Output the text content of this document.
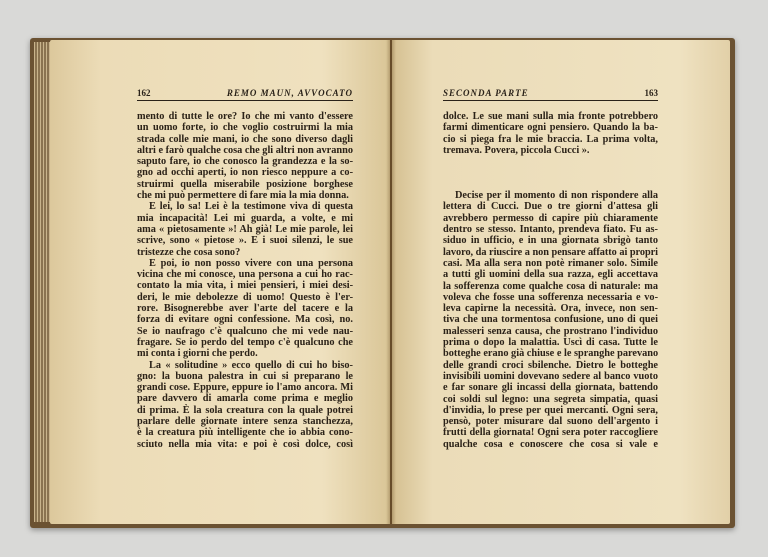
162	REMO MAUN, AVVOCATO	SECONDA PARTE	163
mento di tutte le ore? Io che mi vanto d'essere
un uomo forte, io che voglio costruirmi la mia
strada colle mie mani, io che sono diverso dagli
altri e farò qualche cosa che gli altri non avranno
saputo fare, io che conosco la grandezza e la so-
gno ad occhi aperti, io non riesco neppure a co-
struirmi quella miserabile posizione borghese
che mi può permettere di fare mia la mia donna.
E lei, lo sa! Lei è la testimone viva di questa
mia incapacità! Lei mi guarda, a volte, e mi
ama « pietosamente »! Ah già! Le mie parole, lei
scrive, sono « pietose ». E i suoi silenzi, le sue
tristezze che cosa sono?
E poi, io non posso vivere con una persona
vicina che mi conosce, una persona a cui ho rac-
contato la mia vita, i miei pensieri, i miei desi-
deri, le mie debolezze di uomo! Questo è l'er-
rore. Bisognerebbe aver l'arte del tacere e la
forza di evitare ogni confessione. Ma così, no.
Se io naufrago c'è qualcuno che mi vede nau-
fragare. Se io perdo del tempo c'è qualcuno che
mi conta i giorni che perdo.
La « solitudine » ecco quello di cui ho biso-
gno: la buona palestra in cui si preparano le
grandi cose. Eppure, eppure io l'amo ancora. Mi
pare davvero di amarla come prima e meglio
di prima. È la sola creatura con la quale potrei
parlare delle giornate intere senza stanchezza,
è la creatura più intelligente che io abbia cono-
sciuto nella mia vita: e poi è così dolce, così
dolce. Le sue mani sulla mia fronte potrebbero
farmi dimenticare ogni pensiero. Quando la ba-
cio si piega fra le mie braccia. La prima volta,
tremava. Povera, piccola Cucci ».
Decise per il momento di non rispondere alla
lettera di Cucci. Due o tre giorni d'attesa gli
avrebbero permesso di capire più chiaramente
dentro se stesso. Intanto, prendeva fiato. Fu as-
siduo in ufficio, e in una giornata sbrigò tanto
lavoro, da riuscire a non pensare affatto ai propri
casi. Ma alla sera non potè rimaner solo. Simile
a tutti gli uomini della sua razza, egli accettava
la sofferenza come qualche cosa di naturale: ma
voleva che fosse una sofferenza necessaria e vo-
leva capirne la necessità. Ora, invece, non sen-
tiva che una tormentosa confusione, uno di quei
malesseri senza causa, che prostrano l'individuo
prima o dopo la malattia. Uscì di casa. Tutte le
botteghe erano già chiuse e le spranghe parevano
delle grandi croci sbilenche. Dietro le botteghe
invisibili uomini dovevano sedere al banco vuoto
e far sonare gli incassi della giornata, battendo
coi soldi sul legno: una segreta simpatia, quasi
d'invidia, lo prese per quei mercanti. Ogni sera,
pensò, poter misurare dal suono dell'argento i
frutti della giornata! Ogni sera poter raccogliere
qualche cosa e conoscere che cosa si vale e
